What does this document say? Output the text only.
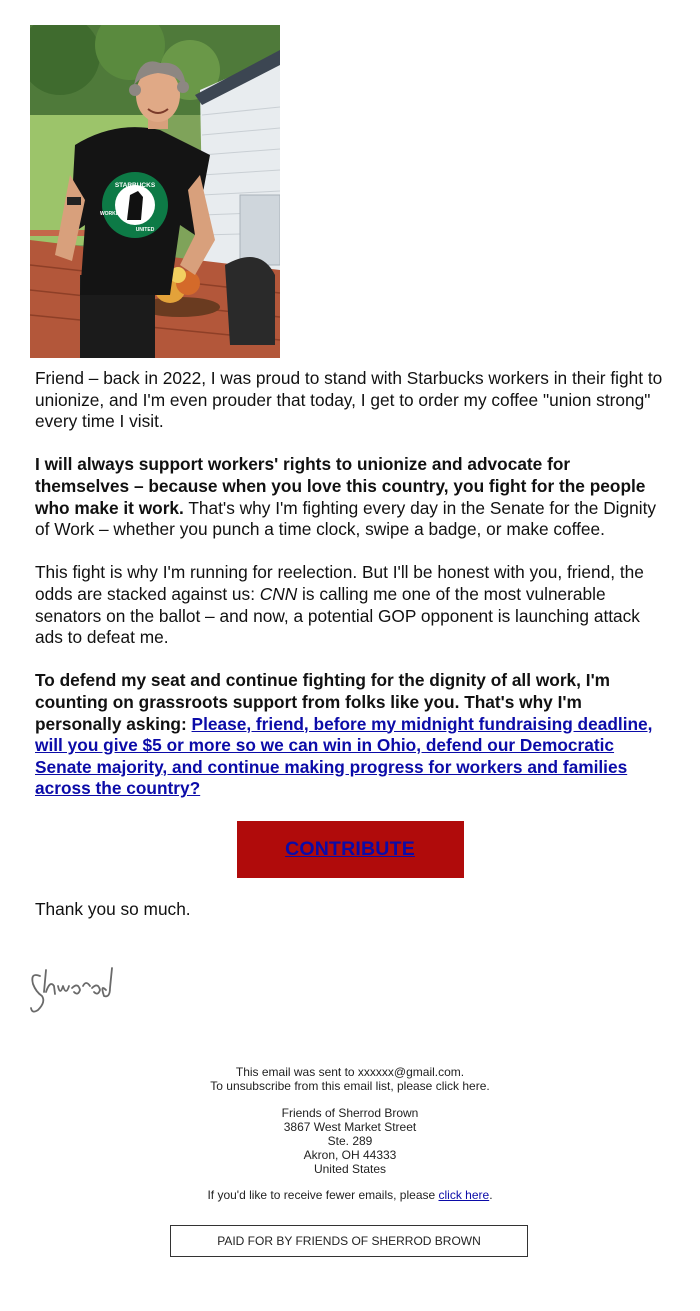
STARBUCKS
WORKERS
UNITED

Friend – back in 2022, I was proud to stand with Starbucks workers in their fight to unionize, and I'm even prouder that today, I get to order my coffee "union strong" every time I visit.

I will always support workers' rights to unionize and advocate for themselves – because when you love this country, you fight for the people who make it work. That's why I'm fighting every day in the Senate for the Dignity of Work – whether you punch a time clock, swipe a badge, or make coffee.

This fight is why I'm running for reelection. But I'll be honest with you, friend, the odds are stacked against us: CNN is calling me one of the most vulnerable senators on the ballot – and now, a potential GOP opponent is launching attack ads to defeat me.

To defend my seat and continue fighting for the dignity of all work, I'm counting on grassroots support from folks like you. That's why I'm personally asking: Please, friend, before my midnight fundraising deadline, will you give $5 or more so we can win in Ohio, defend our Democratic Senate majority, and continue making progress for workers and families across the country?

CONTRIBUTE

Thank you so much.

This email was sent to xxxxxx@gmail.com.
To unsubscribe from this email list, please click here.

Friends of Sherrod Brown
3867 West Market Street
Ste. 289
Akron, OH 44333
United States

If you'd like to receive fewer emails, please click here.

PAID FOR BY FRIENDS OF SHERROD BROWN
